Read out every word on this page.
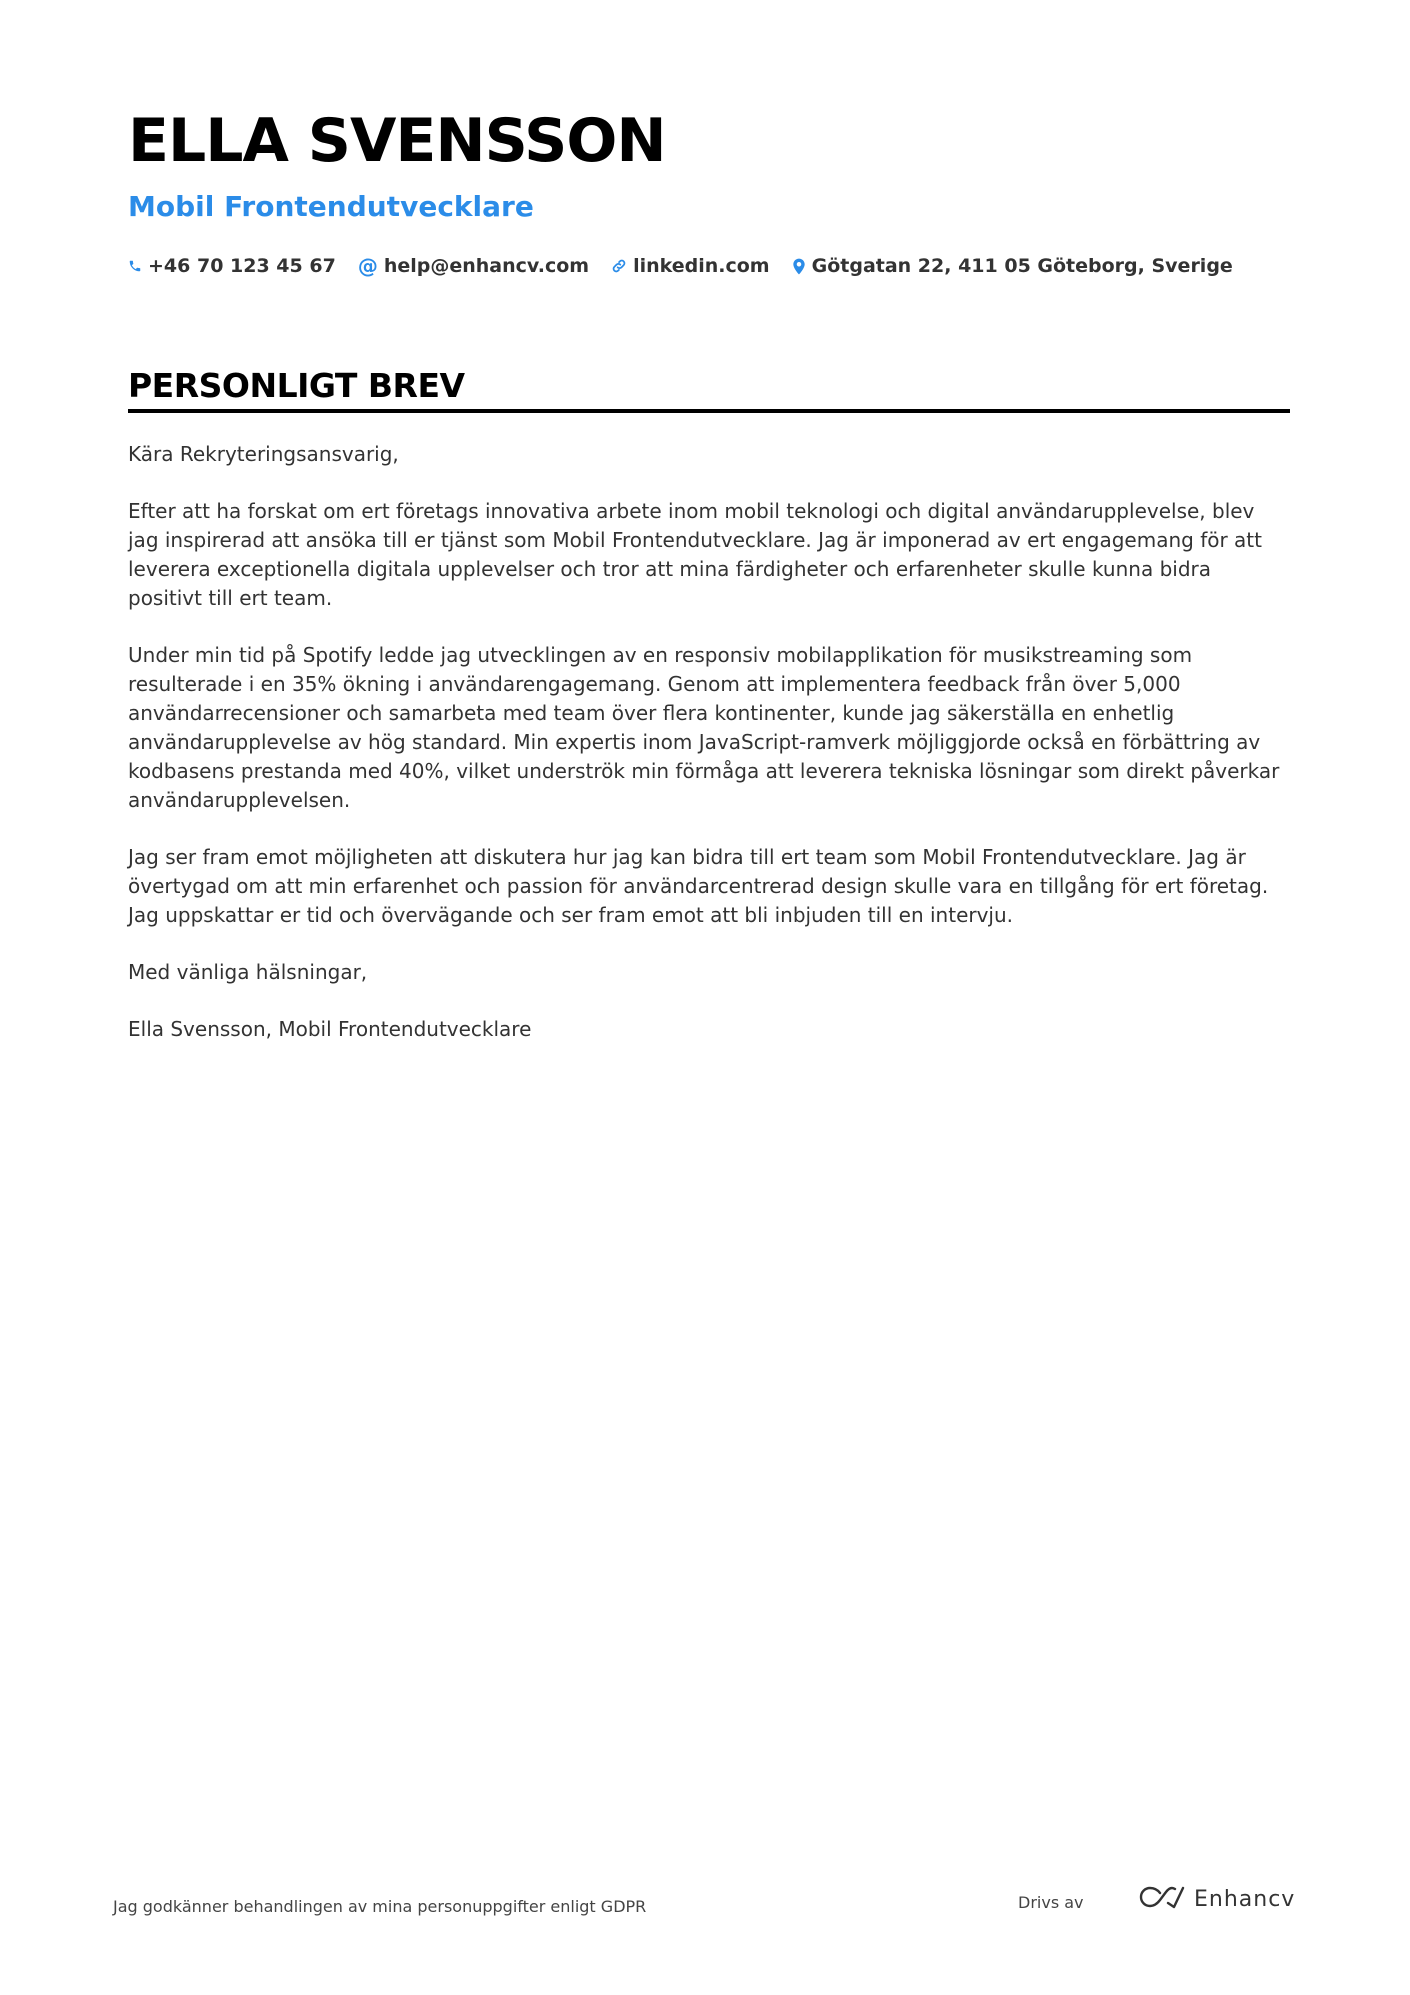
ELLA SVENSSON
Mobil Frontendutvecklare
+46 70 123 45 67 @ help@enhancv.com linkedin.com Götgatan 22, 411 05 Göteborg, Sverige
PERSONLIGT BREV

Kära Rekryteringsansvarig,

Efter att ha forskat om ert företags innovativa arbete inom mobil teknologi och digital användarupplevelse, blev jag inspirerad att ansöka till er tjänst som Mobil Frontendutvecklare. Jag är imponerad av ert engagemang för att leverera exceptionella digitala upplevelser och tror att mina färdigheter och erfarenheter skulle kunna bidra positivt till ert team.

Under min tid på Spotify ledde jag utvecklingen av en responsiv mobilapplikation för musikstreaming som resulterade i en 35% ökning i användarengagemang. Genom att implementera feedback från över 5,000 användarrecensioner och samarbeta med team över flera kontinenter, kunde jag säkerställa en enhetlig användarupplevelse av hög standard. Min expertis inom JavaScript-ramverk möjliggjorde också en förbättring av kodbasens prestanda med 40%, vilket underströk min förmåga att leverera tekniska lösningar som direkt påverkar användarupplevelsen.

Jag ser fram emot möjligheten att diskutera hur jag kan bidra till ert team som Mobil Frontendutvecklare. Jag är övertygad om att min erfarenhet och passion för användarcentrerad design skulle vara en tillgång för ert företag. Jag uppskattar er tid och övervägande och ser fram emot att bli inbjuden till en intervju.

Med vänliga hälsningar,

Ella Svensson, Mobil Frontendutvecklare

Jag godkänner behandlingen av mina personuppgifter enligt GDPR	Drivs av	Enhancv
